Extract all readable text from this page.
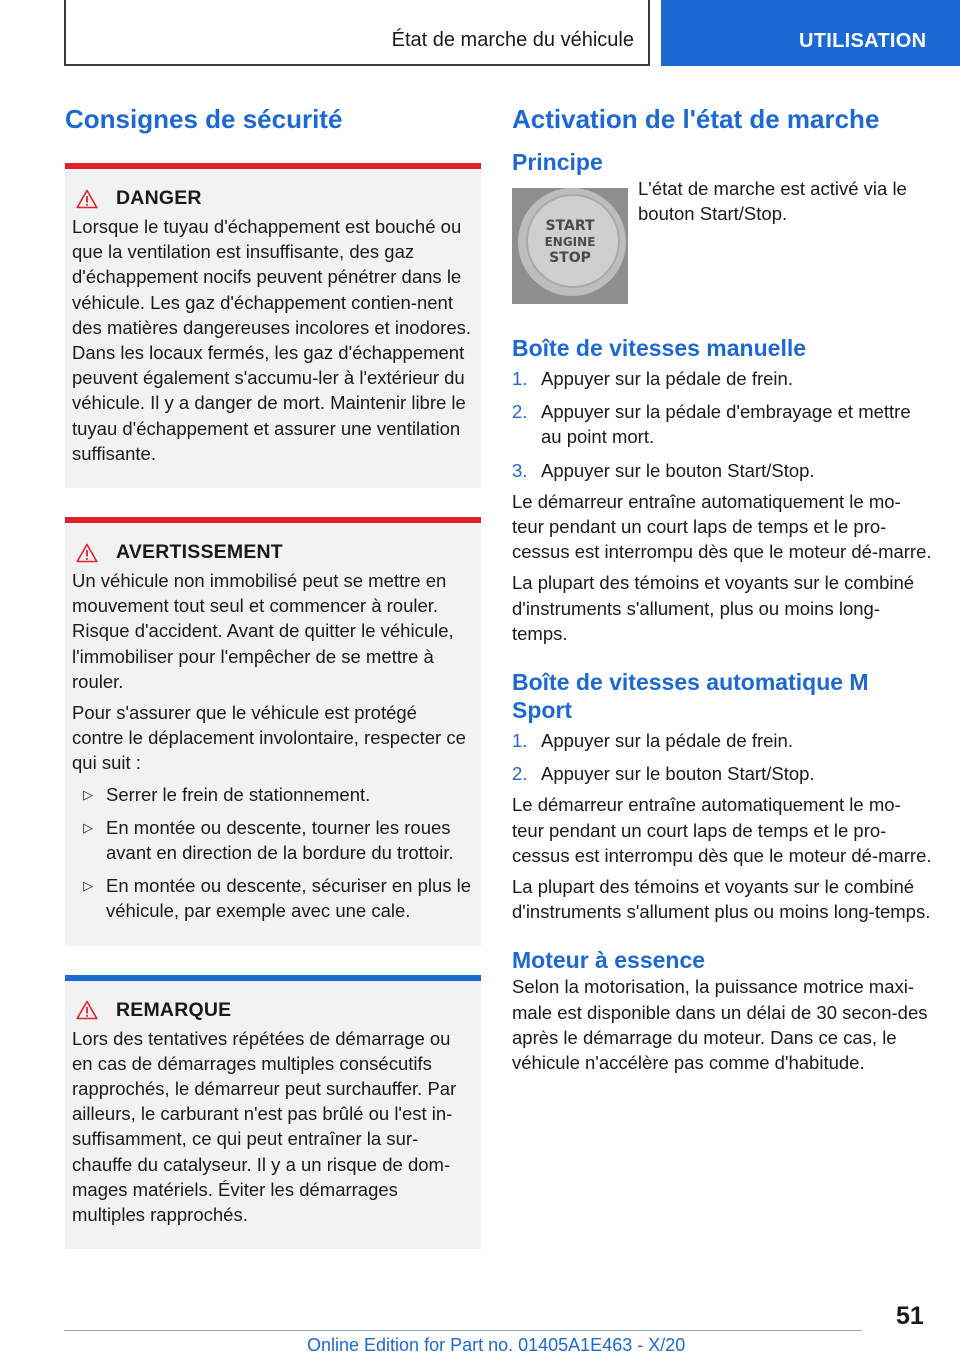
État de marche du véhicule	UTILISATION
Consignes de sécurité
DANGER

Lorsque le tuyau d'échappement est bouché ou que la ventilation est insuffisante, des gaz d'échappement nocifs peuvent pénétrer dans le véhicule. Les gaz d'échappement contien-nent des matières dangereuses incolores et inodores. Dans les locaux fermés, les gaz d'échappement peuvent également s'accumu-ler à l'extérieur du véhicule. Il y a danger de mort. Maintenir libre le tuyau d'échappement et assurer une ventilation suffisante.

AVERTISSEMENT

Un véhicule non immobilisé peut se mettre en mouvement tout seul et commencer à rouler. Risque d'accident. Avant de quitter le véhicule, l'immobiliser pour l'empêcher de se mettre à rouler.

Pour s'assurer que le véhicule est protégé contre le déplacement involontaire, respecter ce qui suit :

▷ Serrer le frein de stationnement.
▷ En montée ou descente, tourner les roues avant en direction de la bordure du trottoir.
▷ En montée ou descente, sécuriser en plus le véhicule, par exemple avec une cale.
REMARQUE

Lors des tentatives répétées de démarrage ou en cas de démarrages multiples consécutifs rapprochés, le démarreur peut surchauffer. Par ailleurs, le carburant n'est pas brûlé ou l'est in-suffisamment, ce qui peut entraîner la sur-chauffe du catalyseur. Il y a un risque de dom-mages matériels. Éviter les démarrages multiples rapprochés.

Activation de l'état de marche
Principe
START
ENGINE
STOP

L'état de marche est activé via le bouton Start/Stop.

Boîte de vitesses manuelle
1. Appuyer sur la pédale de frein.
2. Appuyer sur la pédale d'embrayage et mettre au point mort.
3. Appuyer sur le bouton Start/Stop.

Le démarreur entraîne automatiquement le mo-teur pendant un court laps de temps et le pro-cessus est interrompu dès que le moteur dé-marre.

La plupart des témoins et voyants sur le combiné d'instruments s'allument, plus ou moins long-temps.

Boîte de vitesses automatique M Sport
1. Appuyer sur la pédale de frein.
2. Appuyer sur le bouton Start/Stop.

Le démarreur entraîne automatiquement le mo-teur pendant un court laps de temps et le pro-cessus est interrompu dès que le moteur dé-marre.

La plupart des témoins et voyants sur le combiné d'instruments s'allument plus ou moins long-temps.

Moteur à essence

Selon la motorisation, la puissance motrice maxi-male est disponible dans un délai de 30 secon-des après le démarrage du moteur. Dans ce cas, le véhicule n'accélère pas comme d'habitude.

51
Online Edition for Part no. 01405A1E463 - X/20
